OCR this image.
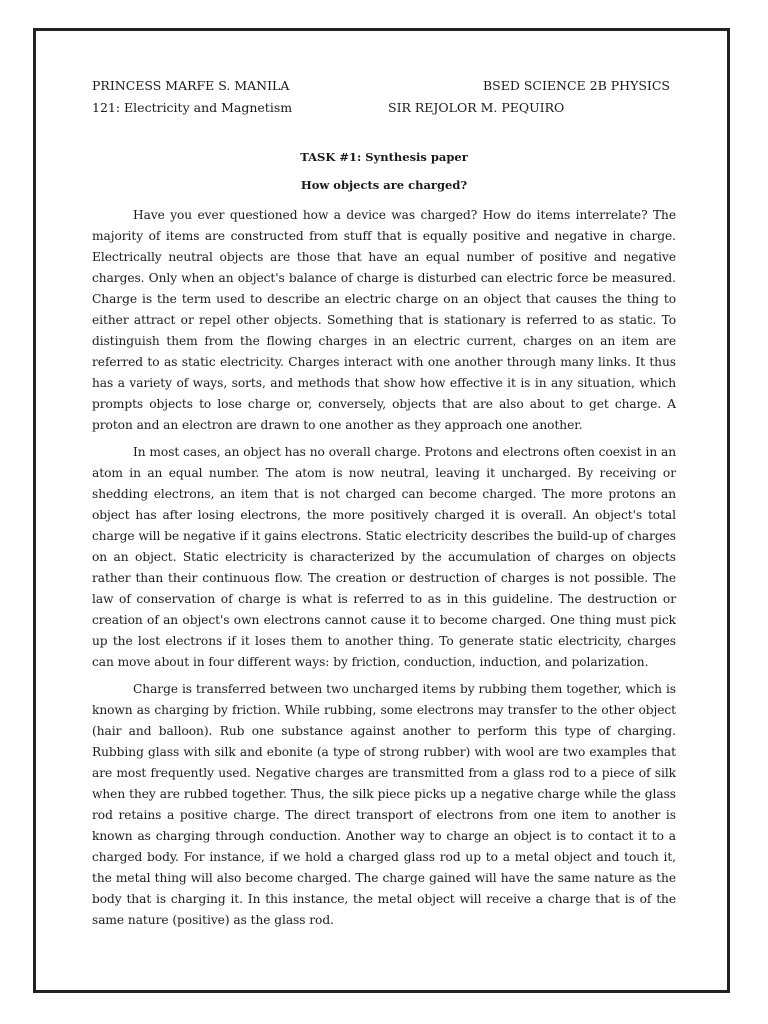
PRINCESS MARFE S. MANILA	BSED SCIENCE 2B PHYSICS
121: Electricity and Magnetism	SIR REJOLOR M. PEQUIRO
TASK #1: Synthesis paper
How objects are charged?

Have you ever questioned how a device was charged? How do items interrelate? The majority of items are constructed from stuff that is equally positive and negative in charge. Electrically neutral objects are those that have an equal number of positive and negative charges. Only when an object's balance of charge is disturbed can electric force be measured. Charge is the term used to describe an electric charge on an object that causes the thing to either attract or repel other objects. Something that is stationary is referred to as static. To distinguish them from the flowing charges in an electric current, charges on an item are referred to as static electricity. Charges interact with one another through many links. It thus has a variety of ways, sorts, and methods that show how effective it is in any situation, which prompts objects to lose charge or, conversely, objects that are also about to get charge. A proton and an electron are drawn to one another as they approach one another.

In most cases, an object has no overall charge. Protons and electrons often coexist in an atom in an equal number. The atom is now neutral, leaving it uncharged. By receiving or shedding electrons, an item that is not charged can become charged. The more protons an object has after losing electrons, the more positively charged it is overall. An object's total charge will be negative if it gains electrons. Static electricity describes the build-up of charges on an object. Static electricity is characterized by the accumulation of charges on objects rather than their continuous flow. The creation or destruction of charges is not possible. The law of conservation of charge is what is referred to as in this guideline. The destruction or creation of an object's own electrons cannot cause it to become charged. One thing must pick up the lost electrons if it loses them to another thing. To generate static electricity, charges can move about in four different ways: by friction, conduction, induction, and polarization.

Charge is transferred between two uncharged items by rubbing them together, which is known as charging by friction. While rubbing, some electrons may transfer to the other object (hair and balloon). Rub one substance against another to perform this type of charging. Rubbing glass with silk and ebonite (a type of strong rubber) with wool are two examples that are most frequently used. Negative charges are transmitted from a glass rod to a piece of silk when they are rubbed together. Thus, the silk piece picks up a negative charge while the glass rod retains a positive charge. The direct transport of electrons from one item to another is known as charging through conduction. Another way to charge an object is to contact it to a charged body. For instance, if we hold a charged glass rod up to a metal object and touch it, the metal thing will also become charged. The charge gained will have the same nature as the body that is charging it. In this instance, the metal object will receive a charge that is of the same nature (positive) as the glass rod.
